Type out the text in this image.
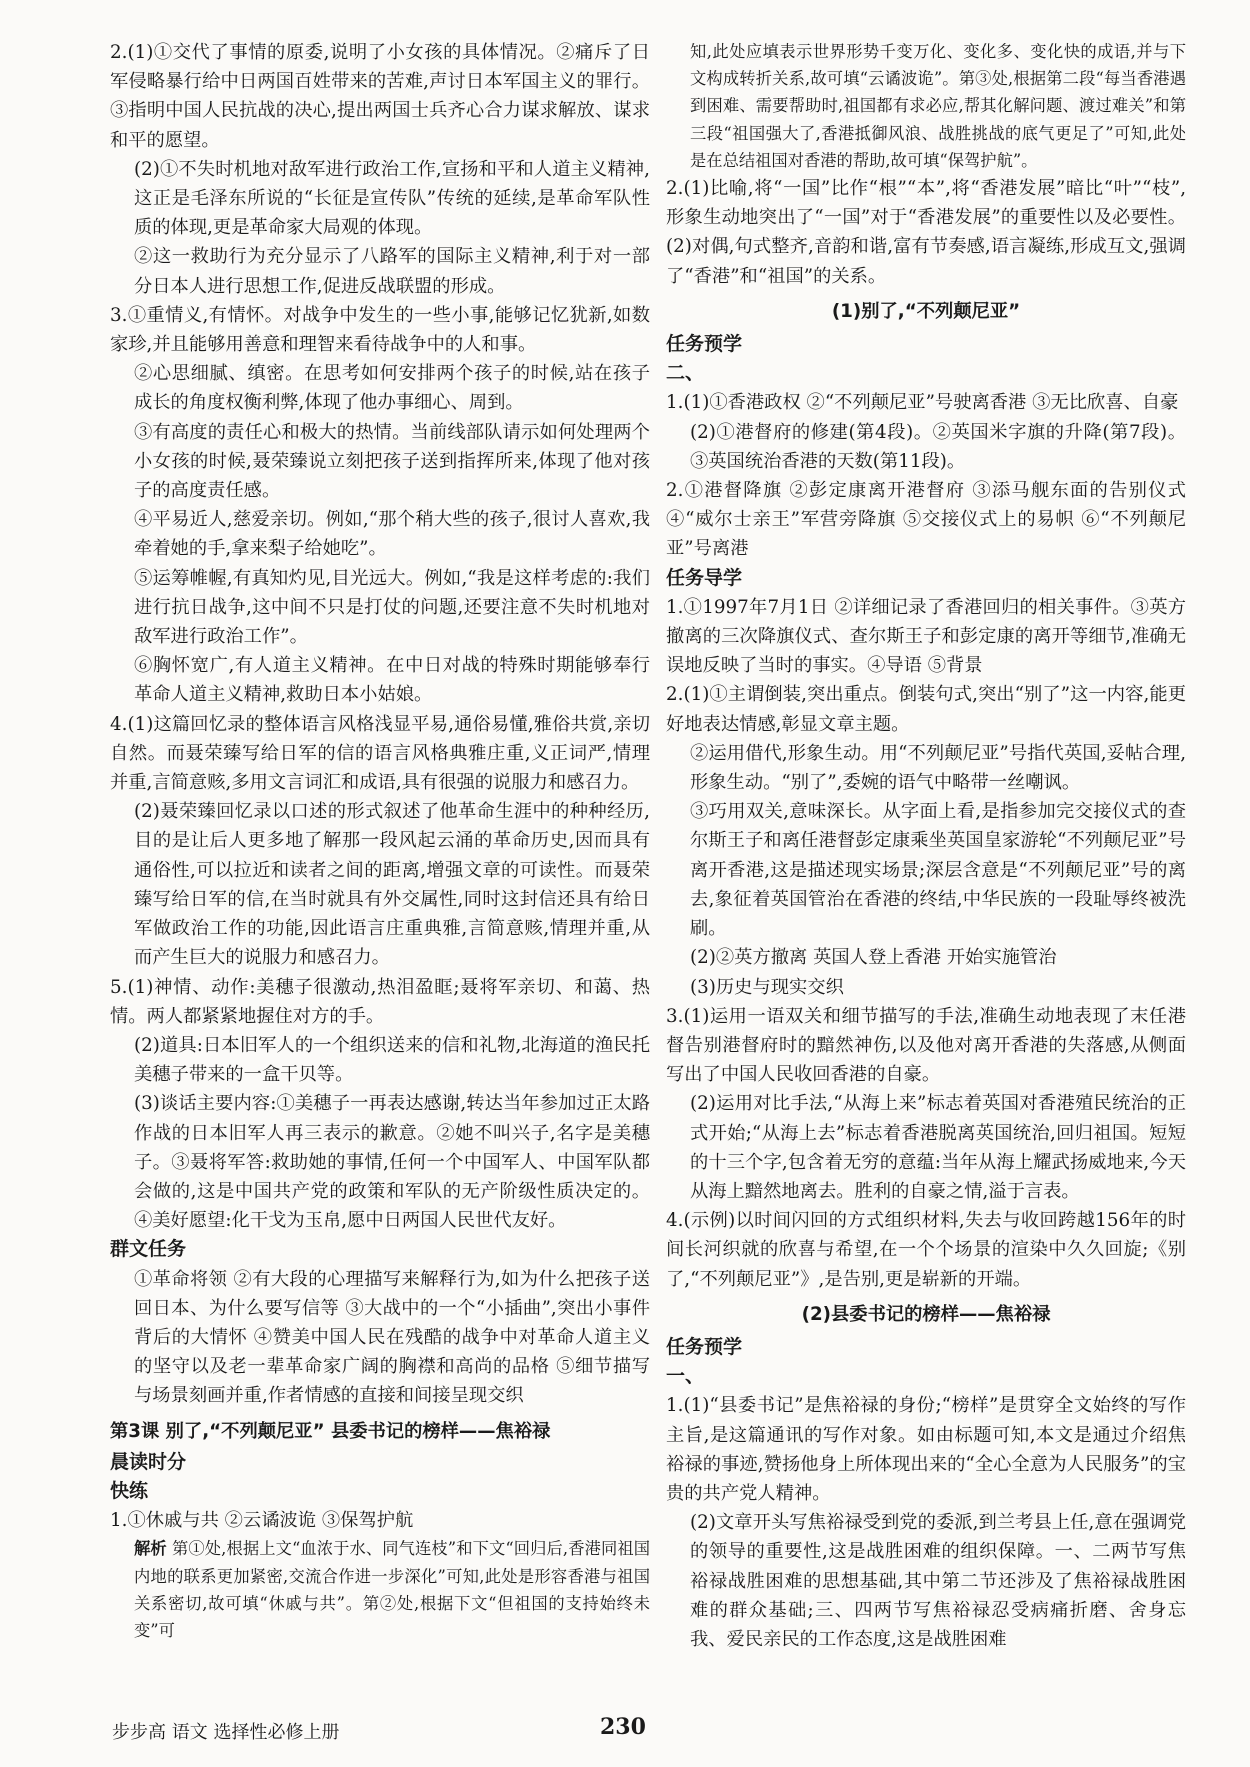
2.(1)①交代了事情的原委,说明了小女孩的具体情况。②痛斥了日军侵略暴行给中日两国百姓带来的苦难,声讨日本军国主义的罪行。③指明中国人民抗战的决心,提出两国士兵齐心合力谋求解放、谋求和平的愿望。

(2)①不失时机地对敌军进行政治工作,宣扬和平和人道主义精神,这正是毛泽东所说的“长征是宣传队”传统的延续,是革命军队性质的体现,更是革命家大局观的体现。

②这一救助行为充分显示了八路军的国际主义精神,利于对一部分日本人进行思想工作,促进反战联盟的形成。

3.①重情义,有情怀。对战争中发生的一些小事,能够记忆犹新,如数家珍,并且能够用善意和理智来看待战争中的人和事。

②心思细腻、缜密。在思考如何安排两个孩子的时候,站在孩子成长的角度权衡利弊,体现了他办事细心、周到。

③有高度的责任心和极大的热情。当前线部队请示如何处理两个小女孩的时候,聂荣臻说立刻把孩子送到指挥所来,体现了他对孩子的高度责任感。

④平易近人,慈爱亲切。例如,“那个稍大些的孩子,很讨人喜欢,我牵着她的手,拿来梨子给她吃”。

⑤运筹帷幄,有真知灼见,目光远大。例如,“我是这样考虑的:我们进行抗日战争,这中间不只是打仗的问题,还要注意不失时机地对敌军进行政治工作”。

⑥胸怀宽广,有人道主义精神。在中日对战的特殊时期能够奉行革命人道主义精神,救助日本小姑娘。

4.(1)这篇回忆录的整体语言风格浅显平易,通俗易懂,雅俗共赏,亲切自然。而聂荣臻写给日军的信的语言风格典雅庄重,义正词严,情理并重,言简意赅,多用文言词汇和成语,具有很强的说服力和感召力。

(2)聂荣臻回忆录以口述的形式叙述了他革命生涯中的种种经历,目的是让后人更多地了解那一段风起云涌的革命历史,因而具有通俗性,可以拉近和读者之间的距离,增强文章的可读性。而聂荣臻写给日军的信,在当时就具有外交属性,同时这封信还具有给日军做政治工作的功能,因此语言庄重典雅,言简意赅,情理并重,从而产生巨大的说服力和感召力。

5.(1)神情、动作:美穗子很激动,热泪盈眶;聂将军亲切、和蔼、热情。两人都紧紧地握住对方的手。

(2)道具:日本旧军人的一个组织送来的信和礼物,北海道的渔民托美穗子带来的一盒干贝等。

(3)谈话主要内容:①美穗子一再表达感谢,转达当年参加过正太路作战的日本旧军人再三表示的歉意。②她不叫兴子,名字是美穗子。③聂将军答:救助她的事情,任何一个中国军人、中国军队都会做的,这是中国共产党的政策和军队的无产阶级性质决定的。④美好愿望:化干戈为玉帛,愿中日两国人民世代友好。

群文任务

①革命将领 ②有大段的心理描写来解释行为,如为什么把孩子送回日本、为什么要写信等 ③大战中的一个“小插曲”,突出小事件背后的大情怀 ④赞美中国人民在残酷的战争中对革命人道主义的坚守以及老一辈革命家广阔的胸襟和高尚的品格 ⑤细节描写与场景刻画并重,作者情感的直接和间接呈现交织

第3课 别了,“不列颠尼亚” 县委书记的榜样——焦裕禄

晨读时分

快练

1.①休戚与共 ②云谲波诡 ③保驾护航

解析 第①处,根据上文“血浓于水、同气连枝”和下文“回归后,香港同祖国内地的联系更加紧密,交流合作进一步深化”可知,此处是形容香港与祖国关系密切,故可填“休戚与共”。第②处,根据下文“但祖国的支持始终未变”可

知,此处应填表示世界形势千变万化、变化多、变化快的成语,并与下文构成转折关系,故可填“云谲波诡”。第③处,根据第二段“每当香港遇到困难、需要帮助时,祖国都有求必应,帮其化解问题、渡过难关”和第三段“祖国强大了,香港抵御风浪、战胜挑战的底气更足了”可知,此处是在总结祖国对香港的帮助,故可填“保驾护航”。

2.(1)比喻,将“一国”比作“根”“本”,将“香港发展”暗比“叶”“枝”,形象生动地突出了“一国”对于“香港发展”的重要性以及必要性。(2)对偶,句式整齐,音韵和谐,富有节奏感,语言凝练,形成互文,强调了“香港”和“祖国”的关系。

(1)别了,“不列颠尼亚”

任务预学

二、

1.(1)①香港政权 ②“不列颠尼亚”号驶离香港 ③无比欣喜、自豪

(2)①港督府的修建(第4段)。②英国米字旗的升降(第7段)。③英国统治香港的天数(第11段)。

2.①港督降旗 ②彭定康离开港督府 ③添马舰东面的告别仪式 ④“威尔士亲王”军营旁降旗 ⑤交接仪式上的易帜 ⑥“不列颠尼亚”号离港

任务导学

1.①1997年7月1日 ②详细记录了香港回归的相关事件。③英方撤离的三次降旗仪式、查尔斯王子和彭定康的离开等细节,准确无误地反映了当时的事实。④导语 ⑤背景

2.(1)①主谓倒装,突出重点。倒装句式,突出“别了”这一内容,能更好地表达情感,彰显文章主题。

②运用借代,形象生动。用“不列颠尼亚”号指代英国,妥帖合理,形象生动。“别了”,委婉的语气中略带一丝嘲讽。

③巧用双关,意味深长。从字面上看,是指参加完交接仪式的查尔斯王子和离任港督彭定康乘坐英国皇家游轮“不列颠尼亚”号离开香港,这是描述现实场景;深层含意是“不列颠尼亚”号的离去,象征着英国管治在香港的终结,中华民族的一段耻辱终被洗刷。

(2)②英方撤离 英国人登上香港 开始实施管治

(3)历史与现实交织

3.(1)运用一语双关和细节描写的手法,准确生动地表现了末任港督告别港督府时的黯然神伤,以及他对离开香港的失落感,从侧面写出了中国人民收回香港的自豪。

(2)运用对比手法,“从海上来”标志着英国对香港殖民统治的正式开始;“从海上去”标志着香港脱离英国统治,回归祖国。短短的十三个字,包含着无穷的意蕴:当年从海上耀武扬威地来,今天从海上黯然地离去。胜利的自豪之情,溢于言表。

4.(示例)以时间闪回的方式组织材料,失去与收回跨越156年的时间长河织就的欣喜与希望,在一个个场景的渲染中久久回旋;《别了,“不列颠尼亚”》,是告别,更是崭新的开端。

(2)县委书记的榜样——焦裕禄

任务预学

一、

1.(1)“县委书记”是焦裕禄的身份;“榜样”是贯穿全文始终的写作主旨,是这篇通讯的写作对象。如由标题可知,本文是通过介绍焦裕禄的事迹,赞扬他身上所体现出来的“全心全意为人民服务”的宝贵的共产党人精神。

(2)文章开头写焦裕禄受到党的委派,到兰考县上任,意在强调党的领导的重要性,这是战胜困难的组织保障。一、二两节写焦裕禄战胜困难的思想基础,其中第二节还涉及了焦裕禄战胜困难的群众基础;三、四两节写焦裕禄忍受病痛折磨、舍身忘我、爱民亲民的工作态度,这是战胜困难

步步高 语文 选择性必修上册	230
